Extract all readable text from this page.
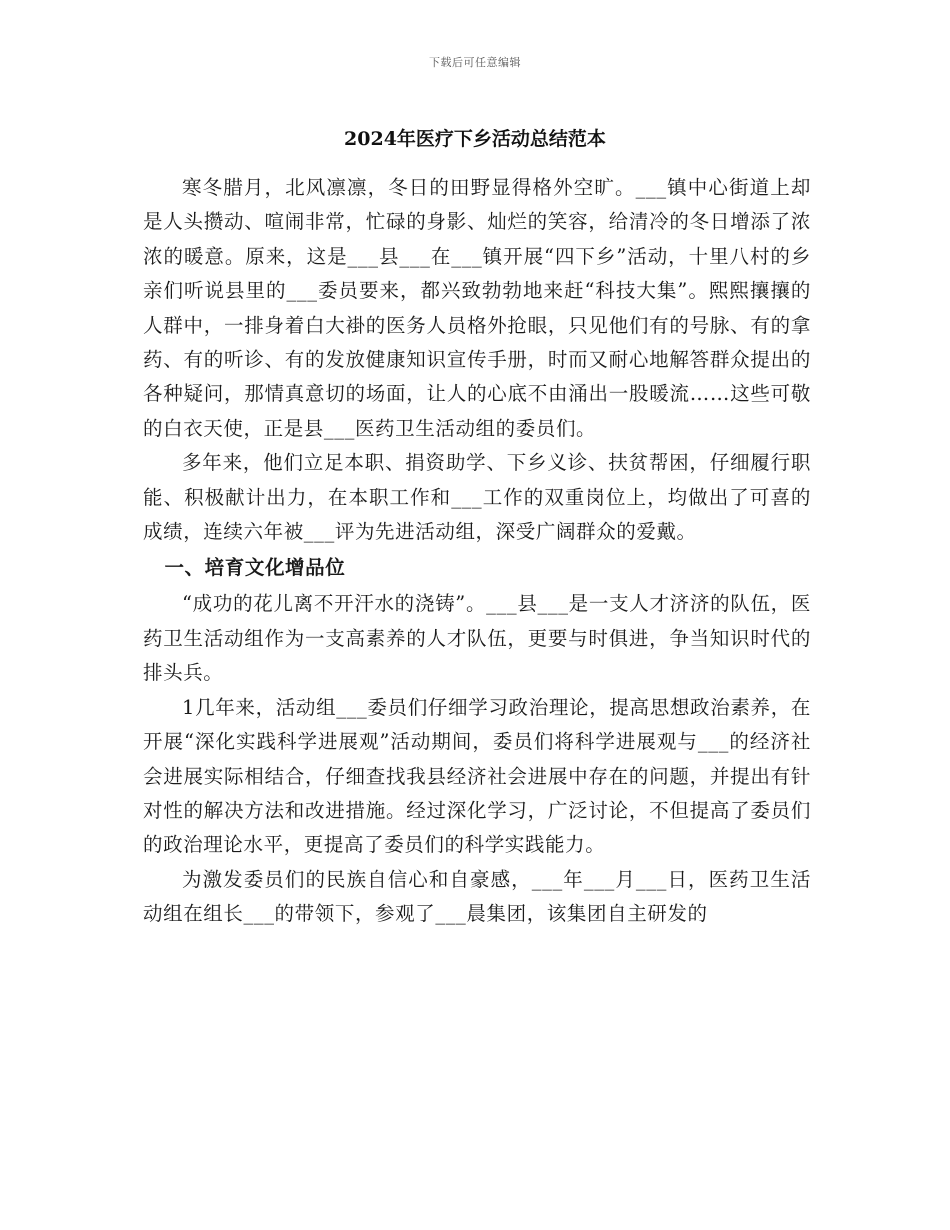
下载后可任意编辑
2024年医疗下乡活动总结范本

寒冬腊月，北风凛凛，冬日的田野显得格外空旷。___镇中心街道上却是人头攒动、喧闹非常，忙碌的身影、灿烂的笑容，给清冷的冬日增添了浓浓的暖意。原来，这是___县___在___镇开展“四下乡”活动，十里八村的乡亲们听说县里的___委员要来，都兴致勃勃地来赶“科技大集”。熙熙攘攘的人群中，一排身着白大褂的医务人员格外抢眼，只见他们有的号脉、有的拿药、有的听诊、有的发放健康知识宣传手册，时而又耐心地解答群众提出的各种疑问，那情真意切的场面，让人的心底不由涌出一股暖流……这些可敬的白衣天使，正是县___医药卫生活动组的委员们。

多年来，他们立足本职、捐资助学、下乡义诊、扶贫帮困，仔细履行职能、积极献计出力，在本职工作和___工作的双重岗位上，均做出了可喜的成绩，连续六年被___评为先进活动组，深受广阔群众的爱戴。

一、培育文化增品位

“成功的花儿离不开汗水的浇铸”。___县___是一支人才济济的队伍，医药卫生活动组作为一支高素养的人才队伍，更要与时俱进，争当知识时代的排头兵。

1几年来，活动组___委员们仔细学习政治理论，提高思想政治素养，在开展“深化实践科学进展观”活动期间，委员们将科学进展观与___的经济社会进展实际相结合，仔细查找我县经济社会进展中存在的问题，并提出有针对性的解决方法和改进措施。经过深化学习，广泛讨论，不但提高了委员们的政治理论水平，更提高了委员们的科学实践能力。

为激发委员们的民族自信心和自豪感，___年___月___日，医药卫生活动组在组长___的带领下，参观了___晨集团，该集团自主研发的
